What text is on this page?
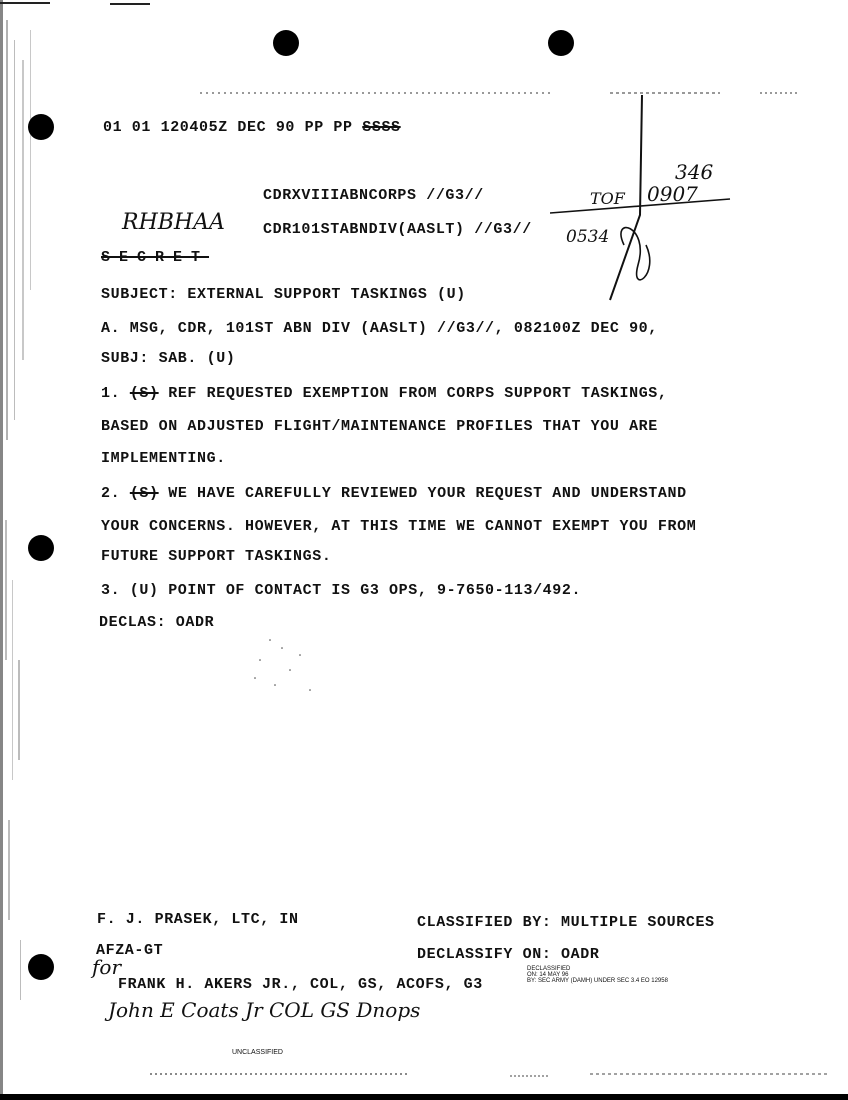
01 01 120405Z DEC 90 PP PP SSSS
CDRXVIIIABNCORPS //G3//
CDR101STABNDIV(AASLT) //G3//
RHBHAA
SECRET
346
TOF 0907
0534
SUBJECT: EXTERNAL SUPPORT TASKINGS (U)
A. MSG, CDR, 101ST ABN DIV (AASLT) //G3//, 082100Z DEC 90,
SUBJ: SAB. (U)
1. (S) REF REQUESTED EXEMPTION FROM CORPS SUPPORT TASKINGS,
BASED ON ADJUSTED FLIGHT/MAINTENANCE PROFILES THAT YOU ARE
IMPLEMENTING.
2. (S) WE HAVE CAREFULLY REVIEWED YOUR REQUEST AND UNDERSTAND
YOUR CONCERNS. HOWEVER, AT THIS TIME WE CANNOT EXEMPT YOU FROM
FUTURE SUPPORT TASKINGS.
3. (U) POINT OF CONTACT IS G3 OPS, 9-7650-113/492.
DECLAS: OADR
F. J. PRASEK, LTC, IN
AFZA-GT
for
FRANK H. AKERS JR., COL, GS, ACOFS, G3
John E Coats Jr COL GS Dnops
CLASSIFIED BY: MULTIPLE SOURCES
DECLASSIFY ON: OADR
DECLASSIFIED
ON: 14 MAY 96
BY: SEC ARMY (DAMH) UNDER SEC 3.4 EO 12958
UNCLASSIFIED
